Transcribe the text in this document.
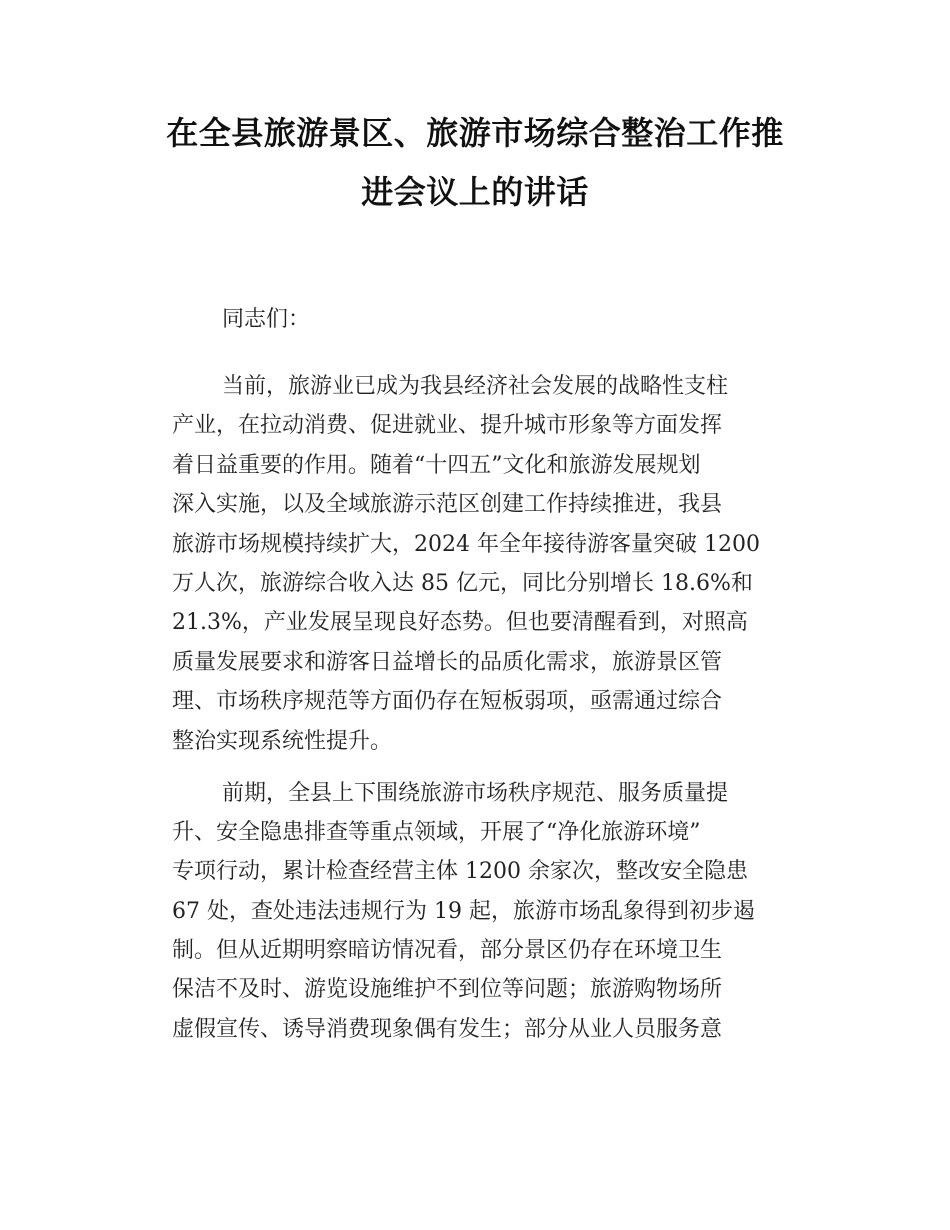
在全县旅游景区、旅游市场综合整治工作推
进会议上的讲话
同志们：
当前，旅游业已成为我县经济社会发展的战略性支柱
产业，在拉动消费、促进就业、提升城市形象等方面发挥
着日益重要的作用。随着“十四五”文化和旅游发展规划
深入实施，以及全域旅游示范区创建工作持续推进，我县
旅游市场规模持续扩大，2024 年全年接待游客量突破 1200
万人次，旅游综合收入达 85 亿元，同比分别增长 18.6%和
21.3%，产业发展呈现良好态势。但也要清醒看到，对照高
质量发展要求和游客日益增长的品质化需求，旅游景区管
理、市场秩序规范等方面仍存在短板弱项，亟需通过综合
整治实现系统性提升。
前期，全县上下围绕旅游市场秩序规范、服务质量提
升、安全隐患排查等重点领域，开展了“净化旅游环境”
专项行动，累计检查经营主体 1200 余家次，整改安全隐患
67 处，查处违法违规行为 19 起，旅游市场乱象得到初步遏
制。但从近期明察暗访情况看，部分景区仍存在环境卫生
保洁不及时、游览设施维护不到位等问题；旅游购物场所
虚假宣传、诱导消费现象偶有发生；部分从业人员服务意
